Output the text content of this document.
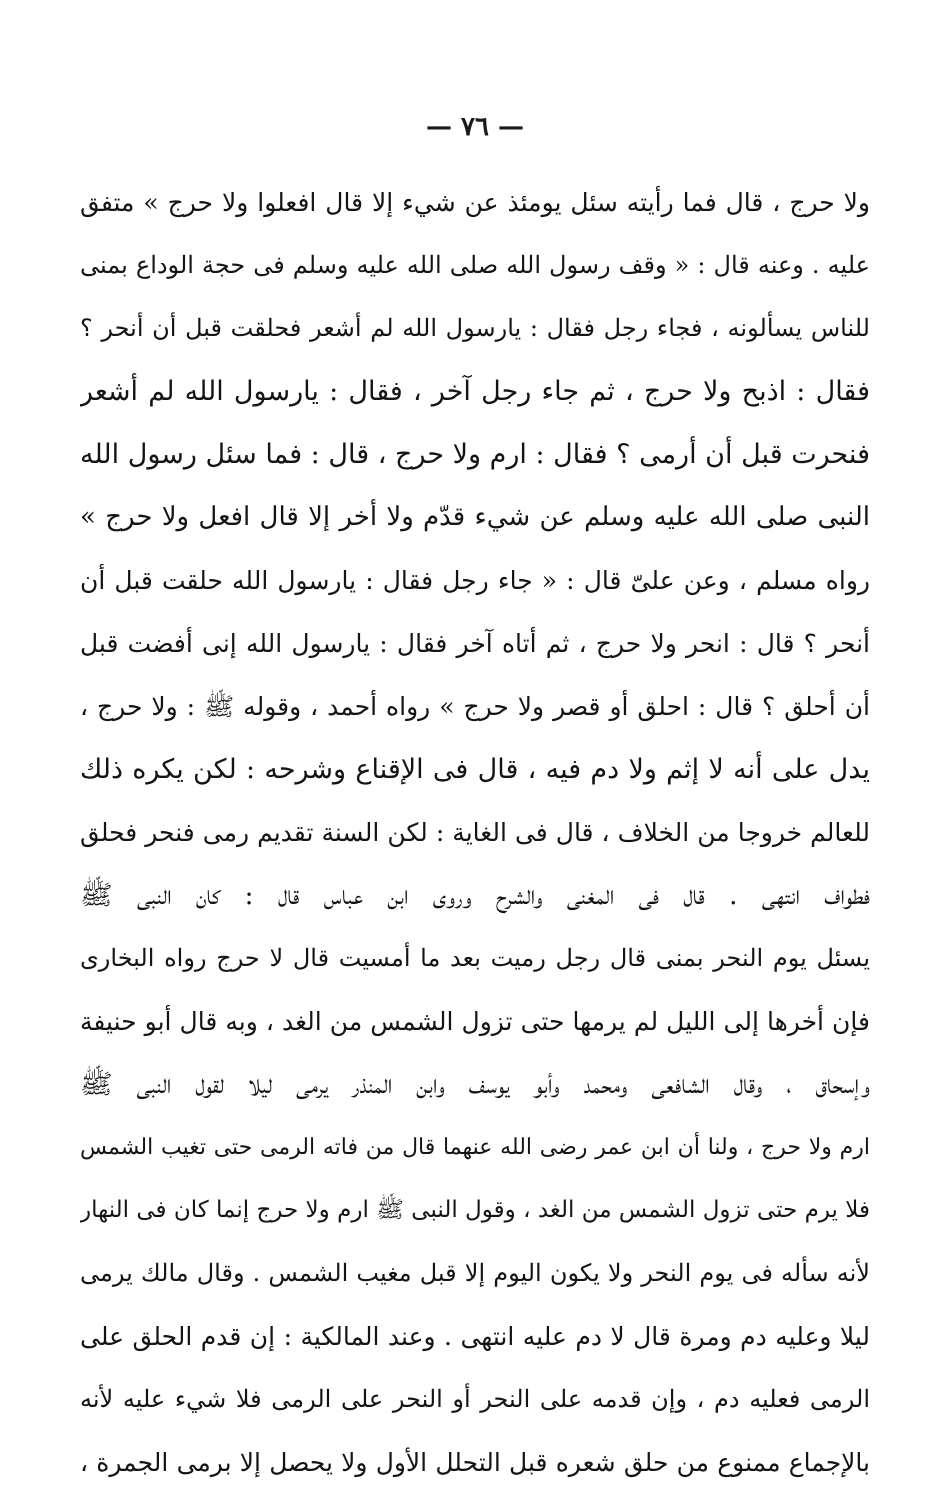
— ٧٦ —
ولا حرج ، قال فما رأيته سئل يومئذ عن شيء إلا قال افعلوا ولا حرج » متفق
عليه . وعنه قال : « وقف رسول الله صلى الله عليه وسلم فى حجة الوداع بمنى
للناس يسألونه ، فجاء رجل فقال : يارسول الله لم أشعر فحلقت قبل أن أنحر ؟
فقال : اذبح ولا حرج ، ثم جاء رجل آخر ، فقال : يارسول الله لم أشعر
فنحرت قبل أن أرمى ؟ فقال : ارم ولا حرج ، قال : فما سئل رسول الله
النبى صلى الله عليه وسلم عن شيء قدّم ولا أخر إلا قال افعل ولا حرج »
رواه مسلم ، وعن علىّ قال : « جاء رجل فقال : يارسول الله حلقت قبل أن
أنحر ؟ قال : انحر ولا حرج ، ثم أتاه آخر فقال : يارسول الله إنى أفضت قبل
أن أحلق ؟ قال : احلق أو قصر ولا حرج » رواه أحمد ، وقوله ﷺ : ولا حرج ،
يدل على أنه لا إثم ولا دم فيه ، قال فى الإقناع وشرحه : لكن يكره ذلك
للعالم خروجا من الخلاف ، قال فى الغاية : لكن السنة تقديم رمى فنحر فحلق
فطواف انتهى . قال فى المغنى والشرح وروى ابن عباس قال : كان النبى ﷺ
يسئل يوم النحر بمنى قال رجل رميت بعد ما أمسيت قال لا حرج رواه البخارى
فإن أخرها إلى الليل لم يرمها حتى تزول الشمس من الغد ، وبه قال أبو حنيفة
وإسحاق ، وقال الشافعى ومحمد وأبو يوسف وابن المنذر يرمى ليلا لقول النبى ﷺ
ارم ولا حرج ، ولنا أن ابن عمر رضى الله عنهما قال من فاته الرمى حتى تغيب الشمس
فلا يرم حتى تزول الشمس من الغد ، وقول النبى ﷺ ارم ولا حرج إنما كان فى النهار
لأنه سأله فى يوم النحر ولا يكون اليوم إلا قبل مغيب الشمس . وقال مالك يرمى
ليلا وعليه دم ومرة قال لا دم عليه انتهى . وعند المالكية : إن قدم الحلق على
الرمى فعليه دم ، وإن قدمه على النحر أو النحر على الرمى فلا شيء عليه لأنه
بالإجماع ممنوع من حلق شعره قبل التحلل الأول ولا يحصل إلا برمى الجمرة ،
